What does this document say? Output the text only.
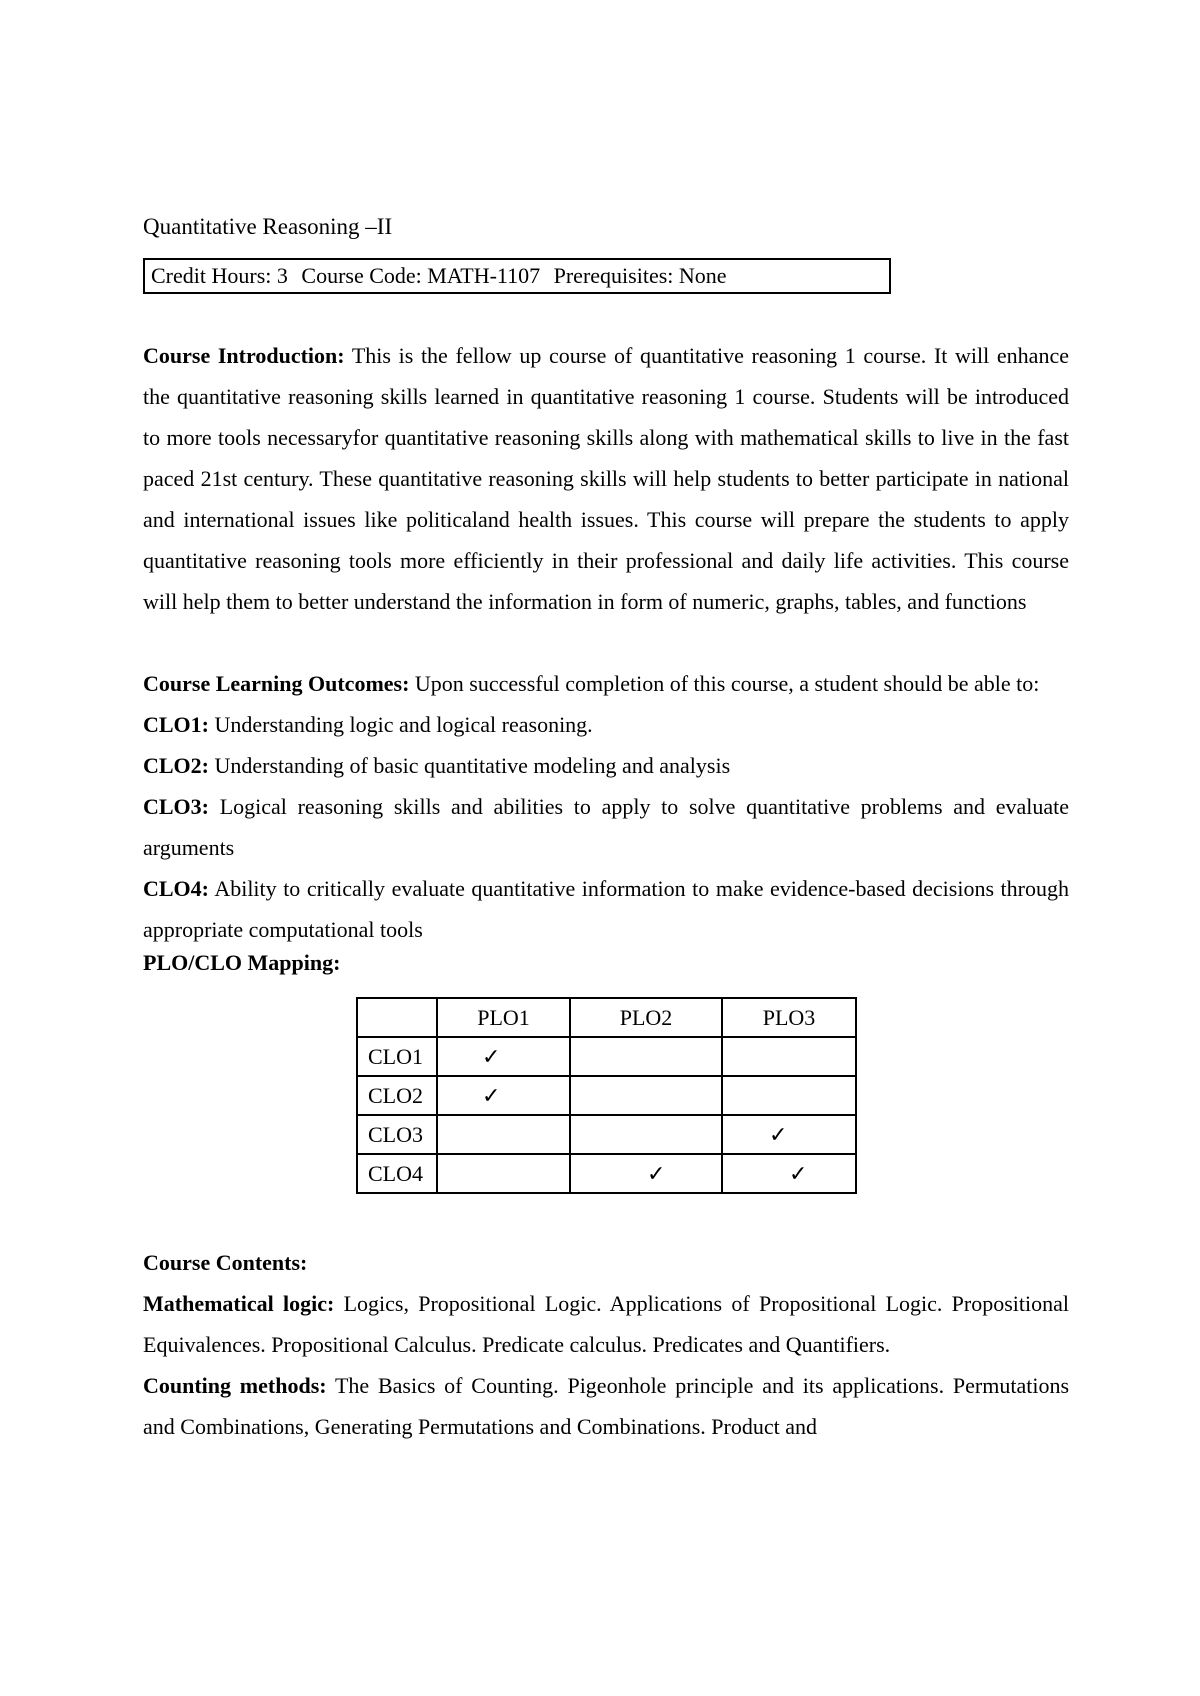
Quantitative Reasoning –II
Credit Hours: 3 Course Code: MATH-1107 Prerequisites: None

Course Introduction: This is the fellow up course of quantitative reasoning 1 course. It will enhance the quantitative reasoning skills learned in quantitative reasoning 1 course. Students will be introduced to more tools necessaryfor quantitative reasoning skills along with mathematical skills to live in the fast paced 21st century. These quantitative reasoning skills will help students to better participate in national and international issues like politicaland health issues. This course will prepare the students to apply quantitative reasoning tools more efficiently in their professional and daily life activities. This course will help them to better understand the information in form of numeric, graphs, tables, and functions

Course Learning Outcomes: Upon successful completion of this course, a student should be able to:

CLO1: Understanding logic and logical reasoning.

CLO2: Understanding of basic quantitative modeling and analysis

CLO3: Logical reasoning skills and abilities to apply to solve quantitative problems and evaluate arguments

CLO4: Ability to critically evaluate quantitative information to make evidence-based decisions through appropriate computational tools

PLO/CLO Mapping:
	PLO1	PLO2	PLO3
CLO1	✓		

CLO2	✓		

CLO3			✓

CLO4		✓	✓

Course Contents:

Mathematical logic: Logics, Propositional Logic. Applications of Propositional Logic. Propositional Equivalences. Propositional Calculus. Predicate calculus. Predicates and Quantifiers.

Counting methods: The Basics of Counting. Pigeonhole principle and its applications. Permutations and Combinations, Generating Permutations and Combinations. Product and
